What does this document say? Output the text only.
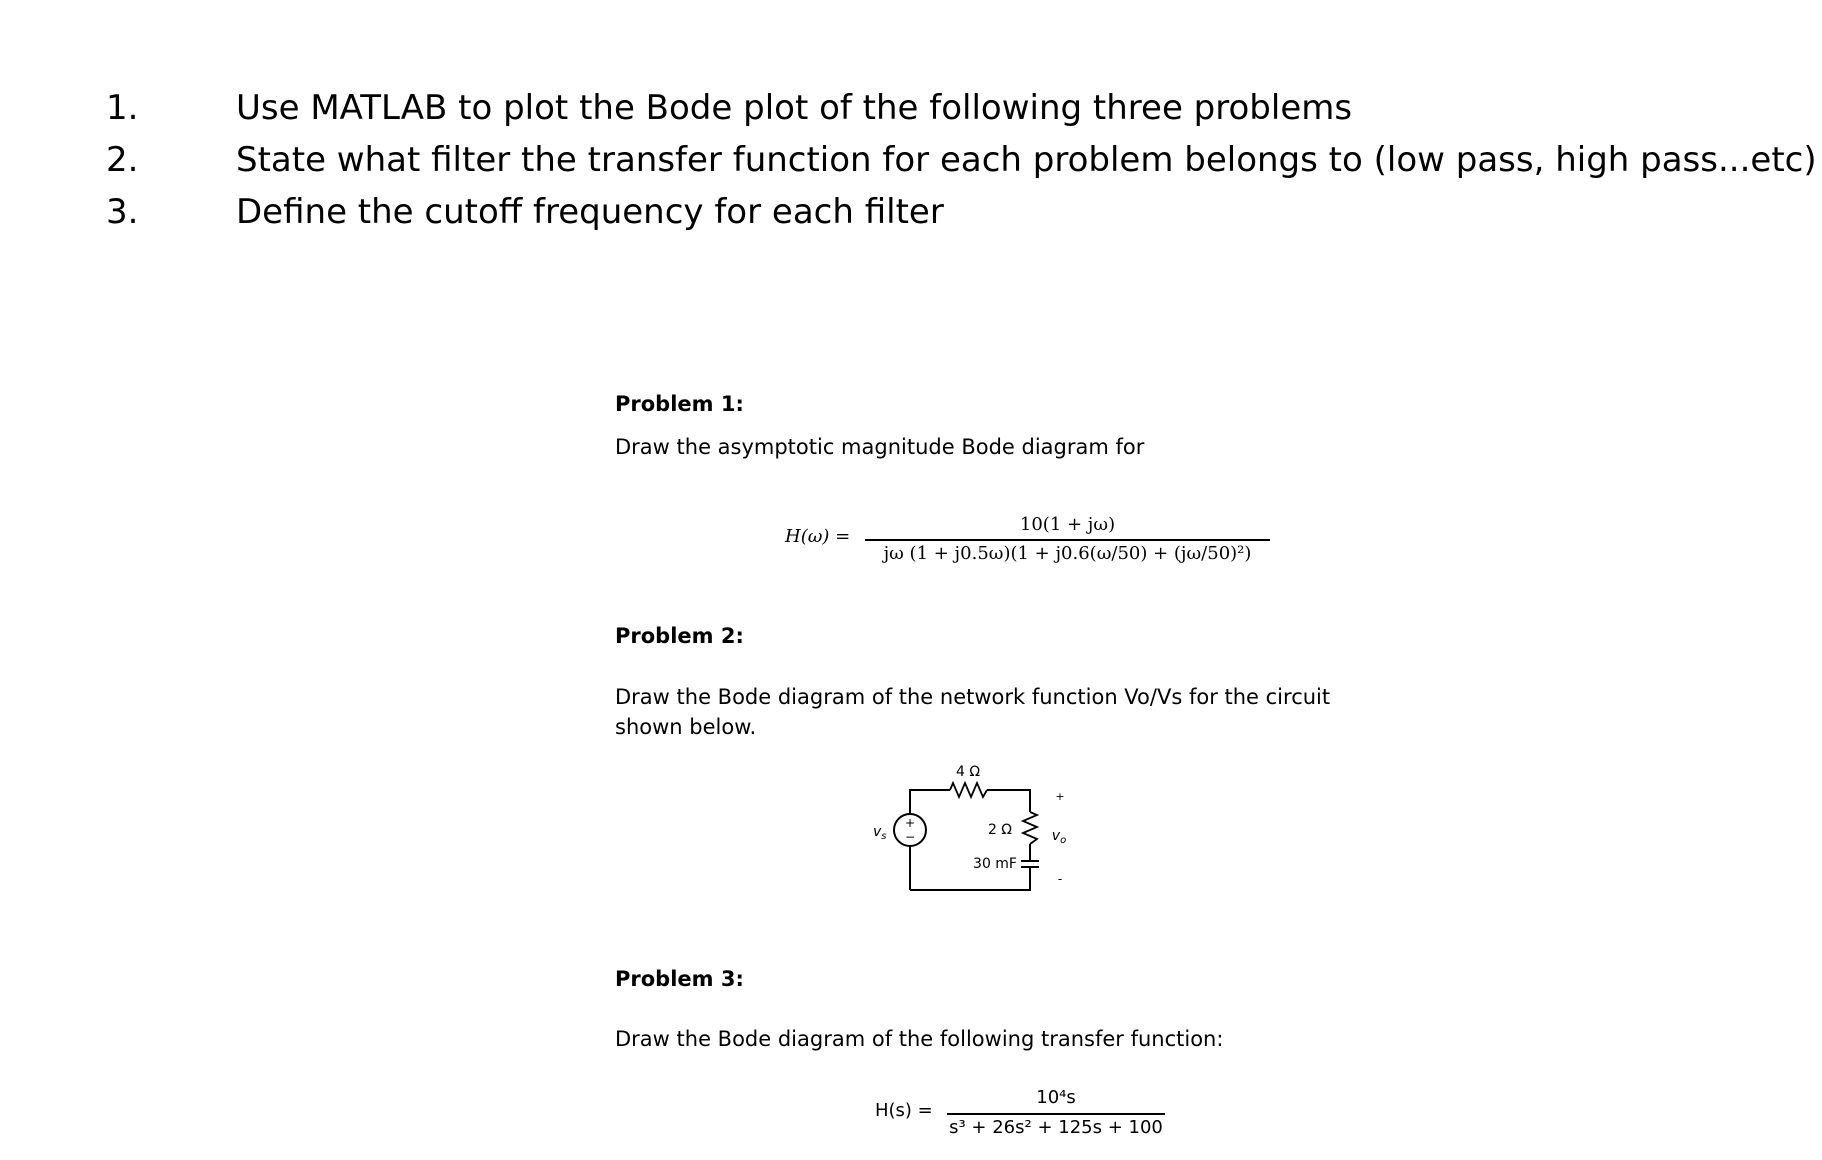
1.	Use MATLAB to plot the Bode plot of the following three problems
2.	State what filter the transfer function for each problem belongs to (low pass, high pass...etc)
3.	Define the cutoff frequency for each filter
Problem 1:
Draw the asymptotic magnitude Bode diagram for
H(ω) =
10(1 + jω)
jω (1 + j0.5ω)(1 + j0.6(ω/50) + (jω/50)²)
Problem 2:
Draw the Bode diagram of the network function Vo/Vs for the circuit
shown below.
4 Ω
2 Ω
30 mF
+
−
$v_s$
+
$v_o$
-
Problem 3:
Draw the Bode diagram of the following transfer function:
H(s) =
10⁴s
s³ + 26s² + 125s + 100
